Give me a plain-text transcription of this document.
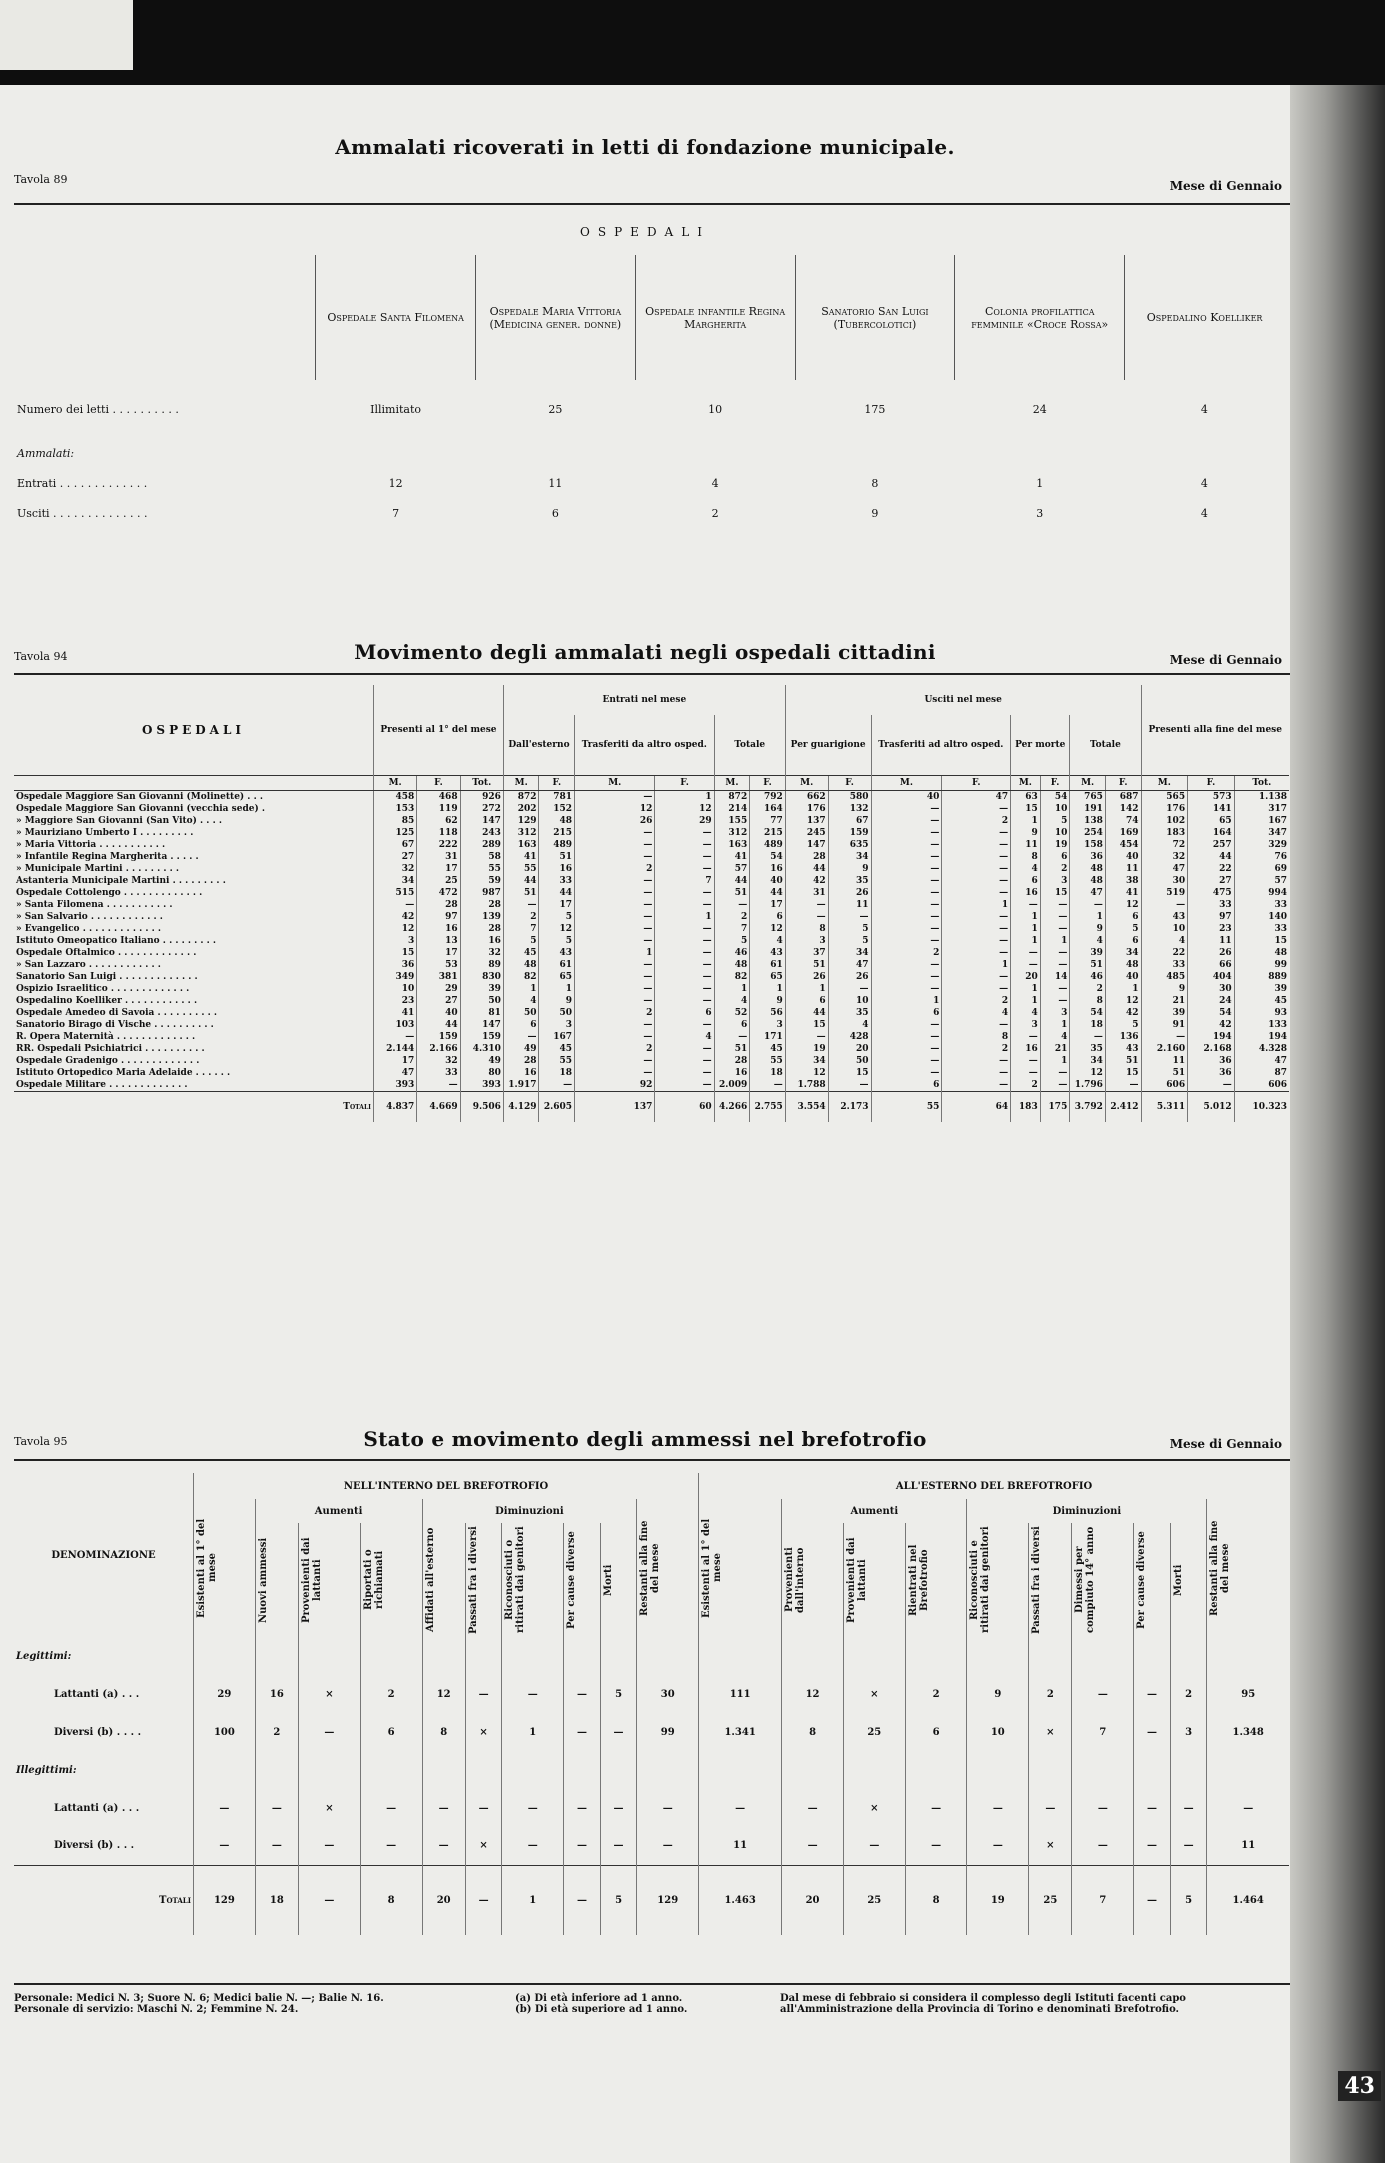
Tavola 89
Ammalati ricoverati in letti di fondazione municipale.
Mese di Gennaio
OSPEDALI
	Ospedale Santa Filomena	Ospedale Maria Vittoria (Medicina gener. donne)	Ospedale infantile Regina Margherita	Sanatorio San Luigi (Tubercolotici)	Colonia profilattica femminile «Croce Rossa»	Ospedalino Koelliker
Numero dei letti . . . . . . . . . .	Illimitato	25	10	175	24	4
Ammalati:						
Entrati . . . . . . . . . . . . .	12	11	4	8	1	4
Usciti . . . . . . . . . . . . . .	7	6	2	9	3	4
Tavola 94	Movimento degli ammalati negli ospedali cittadini	Mese di Gennaio
OSPEDALI	Presenti al 1° del mese			Entrati nel mese						Usciti nel mese								Presenti alla fine del mese		
				Dall'esterno		Trasferiti da altro osped.		Totale		Per guarigione		Trasferiti ad altro osped.		Per morte		Totale				
	M.	F.	Tot.	M.	F.	M.	F.	M.	F.	M.	F.	M.	F.	M.	F.	M.	F.	M.	F.	Tot.
Ospedale Maggiore San Giovanni (Molinette) . . .	458	468	926	872	781	—	1	872	792	662	580	40	47	63	54	765	687	565	573	1.138
Ospedale Maggiore San Giovanni (vecchia sede) .	153	119	272	202	152	12	12	214	164	176	132	—	—	15	10	191	142	176	141	317
» Maggiore San Giovanni (San Vito) . . . .	85	62	147	129	48	26	29	155	77	137	67	—	2	1	5	138	74	102	65	167
» Mauriziano Umberto I . . . . . . . . .	125	118	243	312	215	—	—	312	215	245	159	—	—	9	10	254	169	183	164	347
» Maria Vittoria . . . . . . . . . . .	67	222	289	163	489	—	—	163	489	147	635	—	—	11	19	158	454	72	257	329
» Infantile Regina Margherita . . . . .	27	31	58	41	51	—	—	41	54	28	34	—	—	8	6	36	40	32	44	76
» Municipale Martini . . . . . . . . .	32	17	55	55	16	2	—	57	16	44	9	—	—	4	2	48	11	47	22	69
Astanteria Municipale Martini . . . . . . . . .	34	25	59	44	33	—	7	44	40	42	35	—	—	6	3	48	38	30	27	57
Ospedale Cottolengo . . . . . . . . . . . . .	515	472	987	51	44	—	—	51	44	31	26	—	—	16	15	47	41	519	475	994
» Santa Filomena . . . . . . . . . . .	—	28	28	—	17	—	—	—	17	—	11	—	1	—	—	—	12	—	33	33
» San Salvario . . . . . . . . . . . .	42	97	139	2	5	—	1	2	6	—	—	—	—	1	—	1	6	43	97	140
» Evangelico . . . . . . . . . . . . .	12	16	28	7	12	—	—	7	12	8	5	—	—	1	—	9	5	10	23	33
Istituto Omeopatico Italiano . . . . . . . . .	3	13	16	5	5	—	—	5	4	3	5	—	—	1	1	4	6	4	11	15
Ospedale Oftalmico . . . . . . . . . . . . .	15	17	32	45	43	1	—	46	43	37	34	2	—	—	—	39	34	22	26	48
» San Lazzaro . . . . . . . . . . . .	36	53	89	48	61	—	—	48	61	51	47	—	1	—	—	51	48	33	66	99
Sanatorio San Luigi . . . . . . . . . . . . .	349	381	830	82	65	—	—	82	65	26	26	—	—	20	14	46	40	485	404	889
Ospizio Israelitico . . . . . . . . . . . . .	10	29	39	1	1	—	—	1	1	1	—	—	—	1	—	2	1	9	30	39
Ospedalino Koelliker . . . . . . . . . . . .	23	27	50	4	9	—	—	4	9	6	10	1	2	1	—	8	12	21	24	45
Ospedale Amedeo di Savoia . . . . . . . . . .	41	40	81	50	50	2	6	52	56	44	35	6	4	4	3	54	42	39	54	93
Sanatorio Birago di Vische . . . . . . . . . .	103	44	147	6	3	—	—	6	3	15	4	—	—	3	1	18	5	91	42	133
R. Opera Maternità . . . . . . . . . . . . .	—	159	159	—	167	—	4	—	171	—	428	—	8	—	4	—	136	—	194	194
RR. Ospedali Psichiatrici . . . . . . . . . .	2.144	2.166	4.310	49	45	2	—	51	45	19	20	—	2	16	21	35	43	2.160	2.168	4.328
Ospedale Gradenigo . . . . . . . . . . . . .	17	32	49	28	55	—	—	28	55	34	50	—	—	—	1	34	51	11	36	47
Istituto Ortopedico Maria Adelaide . . . . . .	47	33	80	16	18	—	—	16	18	12	15	—	—	—	—	12	15	51	36	87
Ospedale Militare . . . . . . . . . . . . .	393	—	393	1.917	—	92	—	2.009	—	1.788	—	6	—	2	—	1.796	—	606	—	606
Totali	4.837	4.669	9.506	4.129	2.605	137	60	4.266	2.755	3.554	2.173	55	64	183	175	3.792	2.412	5.311	5.012	10.323
Tavola 95	Stato e movimento degli ammessi nel brefotrofio	Mese di Gennaio
DENOMINAZIONE	NELL'INTERNO DEL BREFOTROFIO										ALL'ESTERNO DEL BREFOTROFIO									

	Esistenti al 1° del mese	Aumenti			Diminuzioni					Restanti alla fine del mese	Esistenti al 1° del mese	Aumenti			Diminuzioni					Restanti alla fine del mese

		Nuovi ammessi	Provenienti dai lattanti	Riportati o richiamati	Affidati all'esterno	Passati fra i diversi	Riconosciuti o ritirati dai genitori	Per cause diverse	Morti			Provenienti dall'interno	Provenienti dai lattanti	Rientrati nel Brefotrofio	Riconosciuti e ritirati dai genitori	Passati fra i diversi	Dimessi per compiuto 14° anno	Per cause diverse	Morti	

Legittimi:																				
Lattanti (a) . . .	29	16	×	2	12	—	—	—	5	30	111	12	×	2	9	2	—	—	2	95
Diversi (b) . . . .	100	2	—	6	8	×	1	—	—	99	1.341	8	25	6	10	×	7	—	3	1.348
Illegittimi:																				
Lattanti (a) . . .	—	—	×	—	—	—	—	—	—	—	—	—	×	—	—	—	—	—	—	—
Diversi (b) . . .	—	—	—	—	—	×	—	—	—	—	11	—	—	—	—	×	—	—	—	11
Totali	129	18	—	8	20	—	1	—	5	129	1.463	20	25	8	19	25	7	—	5	1.464
Personale: Medici N. 3; Suore N. 6; Medici balie N. —; Balie N. 16.
Personale di servizio: Maschi N. 2; Femmine N. 24.
(a) Di età inferiore ad 1 anno.
(b) Di età superiore ad 1 anno.
Dal mese di febbraio si considera il complesso degli Istituti facenti capo all'Amministrazione della Provincia di Torino e denominati Brefotrofio.
43
